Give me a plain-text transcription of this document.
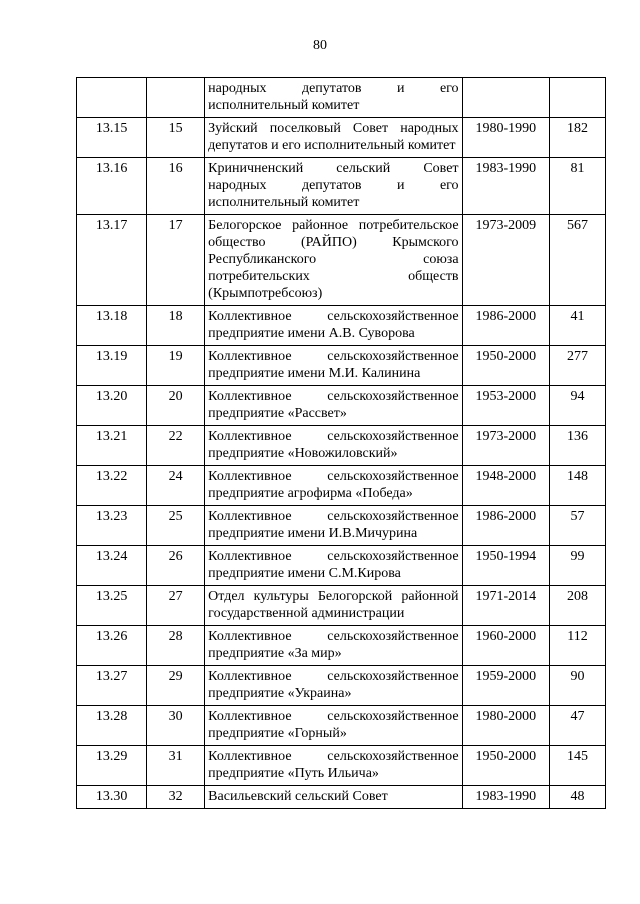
80
		народных депутатов и его исполнительный комитет		
13.15	15	Зуйский поселковый Совет народных депутатов и его исполнительный комитет	1980-1990	182
13.16	16	Криничненский сельский Совет народных депутатов и его исполнительный комитет	1983-1990	81
13.17	17	Белогорское районное потребительское общество (РАЙПО) Крымского Республиканского союза потребительских обществ (Крымпотребсоюз)	1973-2009	567
13.18	18	Коллективное сельскохозяйственное предприятие имени А.В. Суворова	1986-2000	41
13.19	19	Коллективное сельскохозяйственное предприятие имени М.И. Калинина	1950-2000	277
13.20	20	Коллективное сельскохозяйственное предприятие «Рассвет»	1953-2000	94
13.21	22	Коллективное сельскохозяйственное предприятие «Новожиловский»	1973-2000	136
13.22	24	Коллективное сельскохозяйственное предприятие агрофирма «Победа»	1948-2000	148
13.23	25	Коллективное сельскохозяйственное предприятие имени И.В.Мичурина	1986-2000	57
13.24	26	Коллективное сельскохозяйственное предприятие имени С.М.Кирова	1950-1994	99
13.25	27	Отдел культуры Белогорской районной государственной администрации	1971-2014	208
13.26	28	Коллективное сельскохозяйственное предприятие «За мир»	1960-2000	112
13.27	29	Коллективное сельскохозяйственное предприятие «Украина»	1959-2000	90
13.28	30	Коллективное сельскохозяйственное предприятие «Горный»	1980-2000	47
13.29	31	Коллективное сельскохозяйственное предприятие «Путь Ильича»	1950-2000	145
13.30	32	Васильевский сельский Совет	1983-1990	48
